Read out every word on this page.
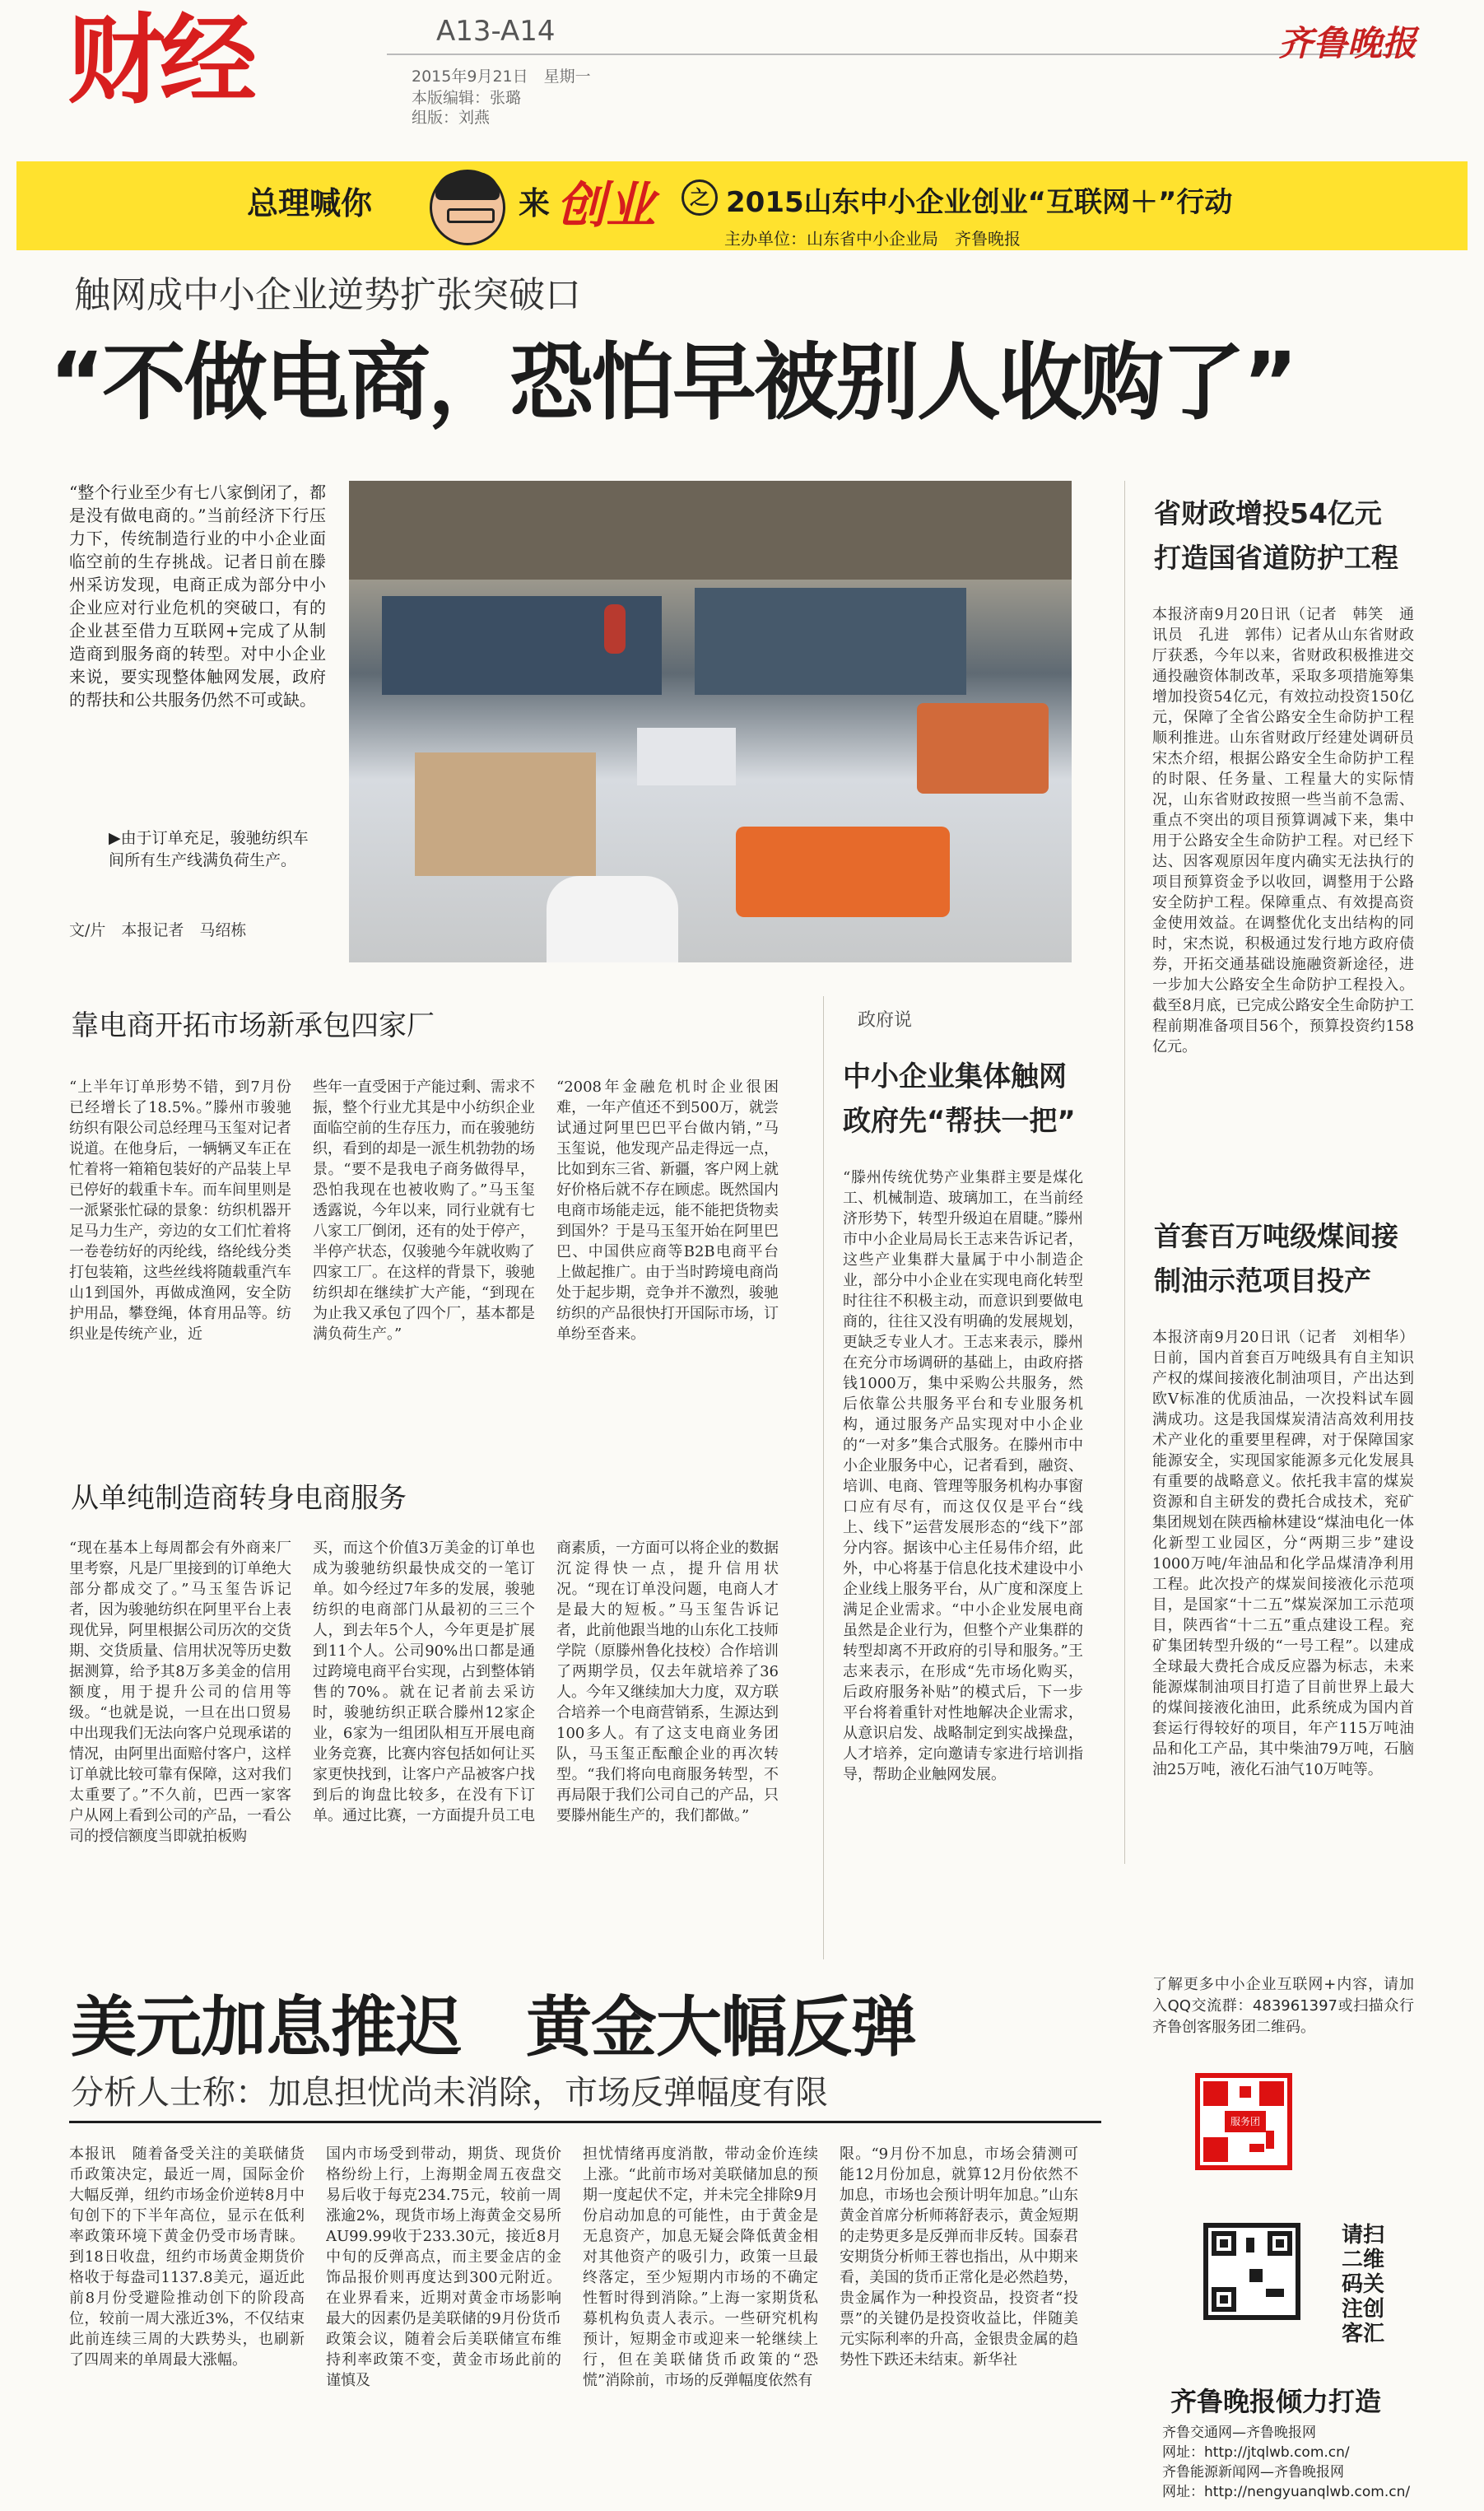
财经	A13-A14
2015年9月21日　星期一
本版编辑：张璐
组版：刘燕
齐鲁晚报
总理喊你	来 创业	之 2015山东中小企业创业“互联网＋”行动
主办单位：山东省中小企业局　齐鲁晚报
触网成中小企业逆势扩张突破口
“不做电商，恐怕早被别人收购了”
“整个行业至少有七八家倒闭了，都是没有做电商的。”当前经济下行压力下，传统制造行业的中小企业面临空前的生存挑战。记者日前在滕州采访发现，电商正成为部分中小企业应对行业危机的突破口，有的企业甚至借力互联网+完成了从制造商到服务商的转型。对中小企业来说，要实现整体触网发展，政府的帮扶和公共服务仍然不可或缺。
▶由于订单充足，骏驰纺织车间所有生产线满负荷生产。
文/片　本报记者　马绍栋
靠电商开拓市场新承包四家厂
“上半年订单形势不错，到7月份已经增长了18.5%。”滕州市骏驰纺织有限公司总经理马玉玺对记者说道。在他身后，一辆辆叉车正在忙着将一箱箱包装好的产品装上早已停好的载重卡车。而车间里则是一派紧张忙碌的景象：纺织机器开足马力生产，旁边的女工们忙着将一卷卷纺好的丙纶线，络纶线分类打包装箱，这些丝线将随载重汽车山1到国外，再做成渔网，安全防护用品，攀登绳，体育用品等。纺织业是传统产业，近
些年一直受困于产能过剩、需求不振，整个行业尤其是中小纺织企业面临空前的生存压力，而在骏驰纺织，看到的却是一派生机勃勃的场景。“要不是我电子商务做得早，恐怕我现在也被收购了。”马玉玺透露说，今年以来，同行业就有七八家工厂倒闭，还有的处于停产，半停产状态，仅骏驰今年就收购了四家工厂。在这样的背景下，骏驰纺织却在继续扩大产能，“到现在为止我又承包了四个厂，基本都是满负荷生产。”
“2008年金融危机时企业很困难，一年产值还不到500万，就尝试通过阿里巴巴平台做内销，”马玉玺说，他发现产品走得远一点，比如到东三省、新疆，客户网上就好价格后就不存在顾虑。既然国内电商市场能走远，能不能把货物卖到国外？于是马玉玺开始在阿里巴巴、中国供应商等B2B电商平台上做起推广。由于当时跨境电商尚处于起步期，竞争并不激烈，骏驰纺织的产品很快打开国际市场，订单纷至沓来。
从单纯制造商转身电商服务
“现在基本上每周都会有外商来厂里考察，凡是厂里接到的订单绝大部分都成交了。”马玉玺告诉记者，因为骏驰纺织在阿里平台上表现优异，阿里根据公司历次的交货期、交货质量、信用状况等历史数据测算，给予其8万多美金的信用额度，用于提升公司的信用等级。“也就是说，一旦在出口贸易中出现我们无法向客户兑现承诺的情况，由阿里出面赔付客户，这样订单就比较可靠有保障，这对我们太重要了。”不久前，巴西一家客户从网上看到公司的产品，一看公司的授信额度当即就拍板购
买，而这个价值3万美金的订单也成为骏驰纺织最快成交的一笔订单。如今经过7年多的发展，骏驰纺织的电商部门从最初的三三个人，到去年5个人，今年更是扩展到11个人。公司90%出口都是通过跨境电商平台实现，占到整体销售的70%。就在记者前去采访时，骏驰纺织正联合滕州12家企业，6家为一组团队相互开展电商业务竞赛，比赛内容包括如何让买家更快找到，让客户产品被客户找到后的询盘比较多，在没有下订单。通过比赛，一方面提升员工电
商素质，一方面可以将企业的数据沉淀得快一点，提升信用状况。“现在订单没问题，电商人才是最大的短板。”马玉玺告诉记者，此前他跟当地的山东化工技师学院（原滕州鲁化技校）合作培训了两期学员，仅去年就培养了36人。今年又继续加大力度，双方联合培养一个电商营销系，生源达到100多人。有了这支电商业务团队，马玉玺正酝酿企业的再次转型。“我们将向电商服务转型，不再局限于我们公司自己的产品，只要滕州能生产的，我们都做。”
政府说
中小企业集体触网
政府先“帮扶一把”
“滕州传统优势产业集群主要是煤化工、机械制造、玻璃加工，在当前经济形势下，转型升级迫在眉睫。”滕州市中小企业局局长王志来告诉记者，这些产业集群大量属于中小制造企业，部分中小企业在实现电商化转型时往往不积极主动，而意识到要做电商的，往往又没有明确的发展规划，更缺乏专业人才。王志来表示，滕州在充分市场调研的基础上，由政府搭钱1000万，集中采购公共服务，然后依靠公共服务平台和专业服务机构，通过服务产品实现对中小企业的“一对多”集合式服务。在滕州市中小企业服务中心，记者看到，融资、培训、电商、管理等服务机构办事窗口应有尽有，而这仅仅是平台“线上、线下”运营发展形态的“线下”部分内容。据该中心主任易伟介绍，此外，中心将基于信息化技术建设中小企业线上服务平台，从广度和深度上满足企业需求。“中小企业发展电商虽然是企业行为，但整个产业集群的转型却离不开政府的引导和服务。”王志来表示，在形成“先市场化购买，后政府服务补贴”的模式后，下一步平台将着重针对性地解决企业需求，从意识启发、战略制定到实战操盘，人才培养，定向邀请专家进行培训指导，帮助企业触网发展。
省财政增投54亿元
打造国省道防护工程
本报济南9月20日讯（记者　韩笑　通讯员　孔进　郭伟）记者从山东省财政厅获悉，今年以来，省财政积极推进交通投融资体制改革，采取多项措施筹集增加投资54亿元，有效拉动投资150亿元，保障了全省公路安全生命防护工程顺利推进。山东省财政厅经建处调研员宋杰介绍，根据公路安全生命防护工程的时限、任务量、工程量大的实际情况，山东省财政按照一些当前不急需、重点不突出的项目预算调减下来，集中用于公路安全生命防护工程。对已经下达、因客观原因年度内确实无法执行的项目预算资金予以收回，调整用于公路安全防护工程。保障重点、有效提高资金使用效益。在调整优化支出结构的同时，宋杰说，积极通过发行地方政府债券，开拓交通基础设施融资新途径，进一步加大公路安全生命防护工程投入。截至8月底，已完成公路安全生命防护工程前期准备项目56个，预算投资约158亿元。
首套百万吨级煤间接
制油示范项目投产
本报济南9月20日讯（记者　刘相华）日前，国内首套百万吨级具有自主知识产权的煤间接液化制油项目，产出达到欧Ⅴ标准的优质油品，一次投料试车圆满成功。这是我国煤炭清洁高效利用技术产业化的重要里程碑，对于保障国家能源安全，实现国家能源多元化发展具有重要的战略意义。依托我丰富的煤炭资源和自主研发的费托合成技术，兖矿集团规划在陕西榆林建设“煤油电化一体化新型工业园区，分“两期三步”建设1000万吨/年油品和化学品煤清净利用工程。此次投产的煤炭间接液化示范项目，是国家“十二五”煤炭深加工示范项目，陕西省“十二五”重点建设工程。兖矿集团转型升级的“一号工程”。以建成全球最大费托合成反应器为标志，未来能源煤制油项目打造了目前世界上最大的煤间接液化油田，此系统成为国内首套运行得较好的项目，年产115万吨油品和化工产品，其中柴油79万吨，石脑油25万吨，液化石油气10万吨等。
了解更多中小企业互联网+内容，请加入QQ交流群：483961397或扫描众行齐鲁创客服务团二维码。
服务团
请扫二维码关注创客汇
齐鲁晚报倾力打造
齐鲁交通网—齐鲁晚报网
网址：http://jtqlwb.com.cn/
齐鲁能源新闻网—齐鲁晚报网
网址：http://nengyuanqlwb.com.cn/
美元加息推迟　黄金大幅反弹
分析人士称：加息担忧尚未消除，市场反弹幅度有限
本报讯　随着备受关注的美联储货币政策决定，最近一周，国际金价大幅反弹，纽约市场金价逆转8月中旬创下的下半年高位，显示在低利率政策环境下黄金仍受市场青睐。到18日收盘，纽约市场黄金期货价格收于每盎司1137.8美元，逼近此前8月份受避险推动创下的阶段高位，较前一周大涨近3%，不仅结束此前连续三周的大跌势头，也刷新了四周来的单周最大涨幅。
国内市场受到带动，期货、现货价格纷纷上行，上海期金周五夜盘交易后收于每克234.75元，较前一周涨逾2%，现货市场上海黄金交易所AU99.99收于233.30元，接近8月中旬的反弹高点，而主要金店的金饰品报价则再度达到300元附近。在业界看来，近期对黄金市场影响最大的因素仍是美联储的9月份货币政策会议，随着会后美联储宣布维持利率政策不变，黄金市场此前的谨慎及
担忧情绪再度消散，带动金价连续上涨。“此前市场对美联储加息的预期一度起伏不定，并未完全排除9月份启动加息的可能性，由于黄金是无息资产，加息无疑会降低黄金相对其他资产的吸引力，政策一旦最终落定，至少短期内市场的不确定性暂时得到消除。”上海一家期货私募机构负责人表示。一些研究机构预计，短期金市或迎来一轮继续上行，但在美联储货币政策的“恐慌”消除前，市场的反弹幅度依然有
限。“9月份不加息，市场会猜测可能12月份加息，就算12月份依然不加息，市场也会预计明年加息。”山东黄金首席分析师蒋舒表示，黄金短期的走势更多是反弹而非反转。国泰君安期货分析师王蓉也指出，从中期来看，美国的货币正常化是必然趋势，贵金属作为一种投资品，投资者“投票”的关键仍是投资收益比，伴随美元实际利率的升高，金银贵金属的趋势性下跌还未结束。新华社
